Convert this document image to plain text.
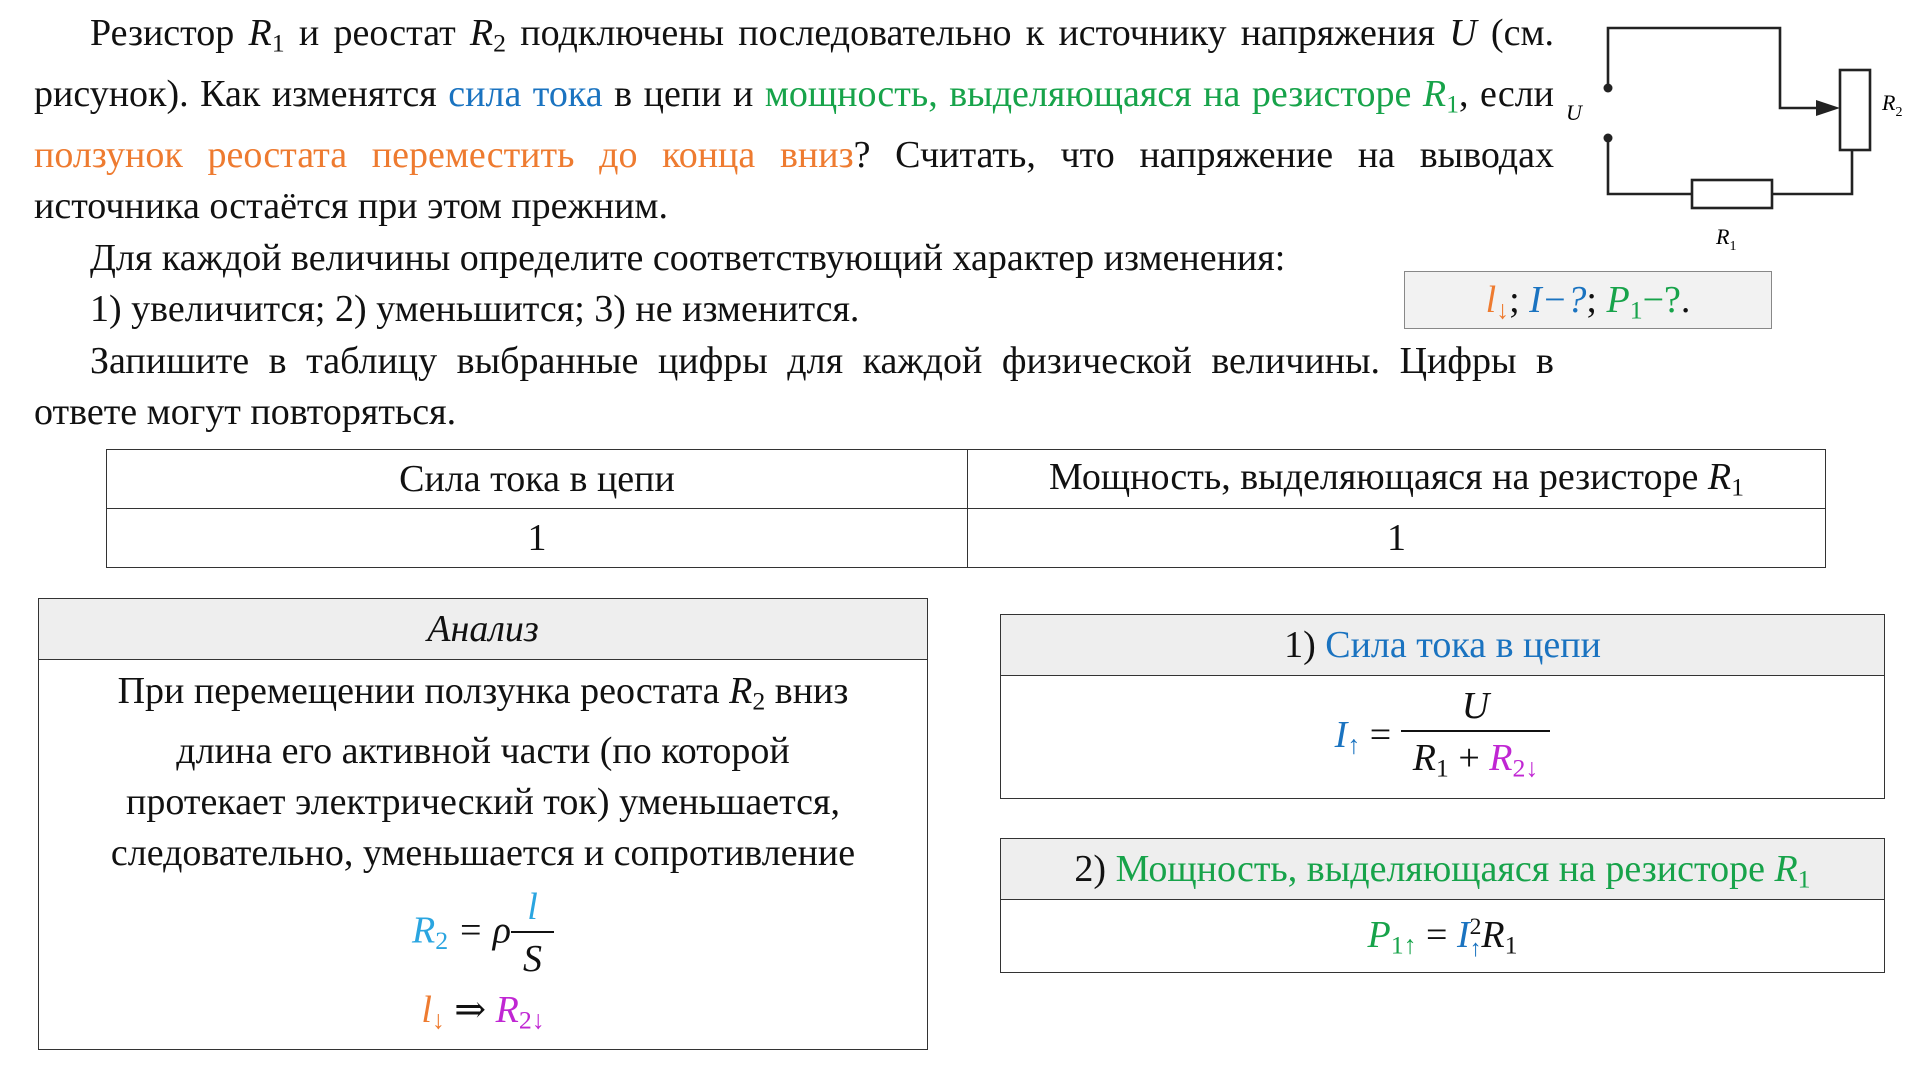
Резистор $R_1$ и реостат $R_2$ подключены последовательно к источнику напряжения U (см. рисунок). Как изменятся сила тока в цепи и мощность, выделяющаяся на резисторе $R_1$, если ползунок реостата переместить до конца вниз? Считать, что напряжение на выводах источника остаётся при этом прежним.

Для каждой величины определите соответствующий характер изменения:

1) увеличится; 2) уменьшится; 3) не изменится.

Запишите в таблицу выбранные цифры для каждой физической величины. Цифры в ответе могут повторяться.

U	$R_2$
$R_1$
$l_↓$; I−?; $P_1-$?.
Сила тока в цепи	Мощность, выделяющаяся на резисторе $R_1$
1	1
Анализ
При перемещении ползунка реостата $R_2$ вниз
длина его активной части (по которой
протекает электрический ток) уменьшается,
следовательно, уменьшается и сопротивление
$R_2 = \rho \frac{l}{S}$
$l_↓$ ⇒ $R_{2↓}$
1) Сила тока в цепи
$I_↑ = \frac{U}{R_1 + R_{2↓}}$
2) Мощность, выделяющаяся на резисторе $R_1$
$P_{1↑} = I$ 2
↑ $R_1$
